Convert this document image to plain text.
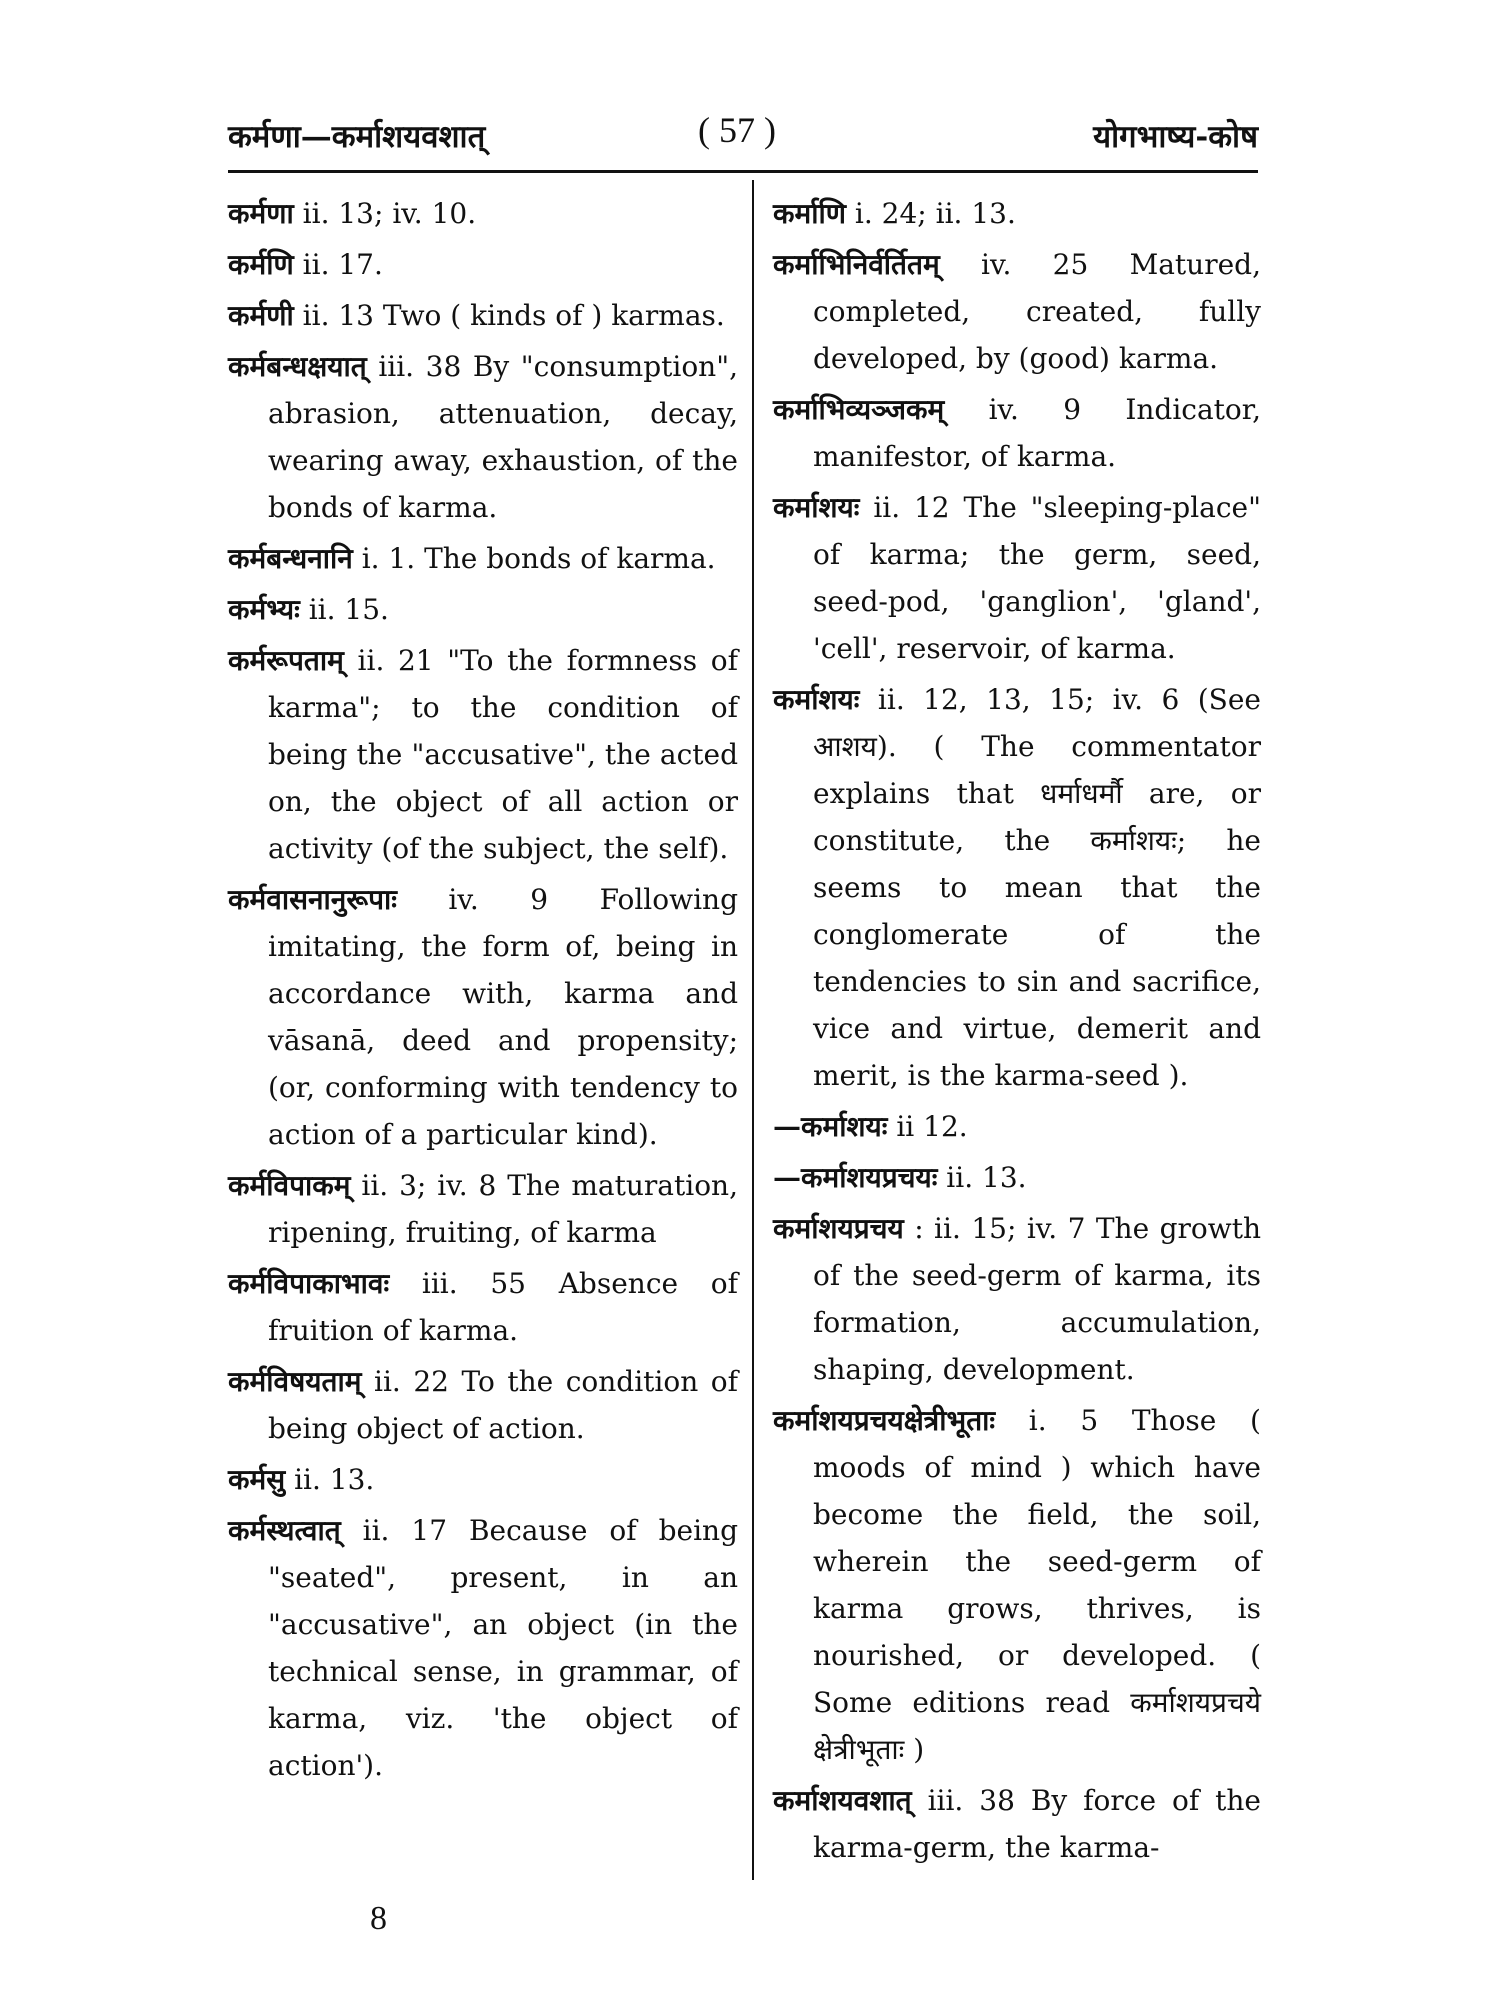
कर्मणा—कर्माशयवशात्	( 57 )	योगभाष्य-कोष
कर्मणा ii. 13; iv. 10.
कर्मणि ii. 17.
कर्मणी ii. 13 Two ( kinds of ) karmas.
कर्मबन्धक्षयात् iii. 38 By "consumption", abrasion, attenuation, decay, wearing away, exhaustion, of the bonds of karma.
कर्मबन्धनानि i. 1. The bonds of karma.
कर्मभ्यः ii. 15.
कर्मरूपताम् ii. 21 "To the formness of karma"; to the condition of being the "accusative", the acted on, the object of all action or activity (of the subject, the self).
कर्मवासनानुरूपाः iv. 9 Following imitating, the form of, being in accordance with, karma and vāsanā, deed and propensity; (or, conforming with tendency to action of a particular kind).
कर्मविपाकम् ii. 3; iv. 8 The maturation, ripening, fruiting, of karma
कर्मविपाकाभावः iii. 55 Absence of fruition of karma.
कर्मविषयताम् ii. 22 To the condition of being object of action.
कर्मसु ii. 13.
कर्मस्थत्वात् ii. 17 Because of being "seated", present, in an "accusative", an object (in the technical sense, in grammar, of karma, viz. 'the object of action').
कर्माणि i. 24; ii. 13.
कर्माभिनिर्वर्तितम् iv. 25 Matured, completed, created, fully developed, by (good) karma.
कर्माभिव्यञ्जकम् iv. 9 Indicator, manifestor, of karma.
कर्माशयः ii. 12 The "sleeping-place" of karma; the germ, seed, seed-pod, 'ganglion', 'gland', 'cell', reservoir, of karma.
कर्माशयः ii. 12, 13, 15; iv. 6 (See आशय). ( The commentator explains that धर्माधर्मौ are, or constitute, the कर्माशयः; he seems to mean that the conglomerate of the tendencies to sin and sacrifice, vice and virtue, demerit and merit, is the karma-seed ).
—कर्माशयः ii 12.
—कर्माशयप्रचयः ii. 13.
कर्माशयप्रचय : ii. 15; iv. 7 The growth of the seed-germ of karma, its formation, accumulation, shaping, development.
कर्माशयप्रचयक्षेत्रीभूताः i. 5 Those ( moods of mind ) which have become the field, the soil, wherein the seed-germ of karma grows, thrives, is nourished, or developed. ( Some editions read कर्माशयप्रचये क्षेत्रीभूताः )
कर्माशयवशात् iii. 38 By force of the karma-germ, the karma-
8
